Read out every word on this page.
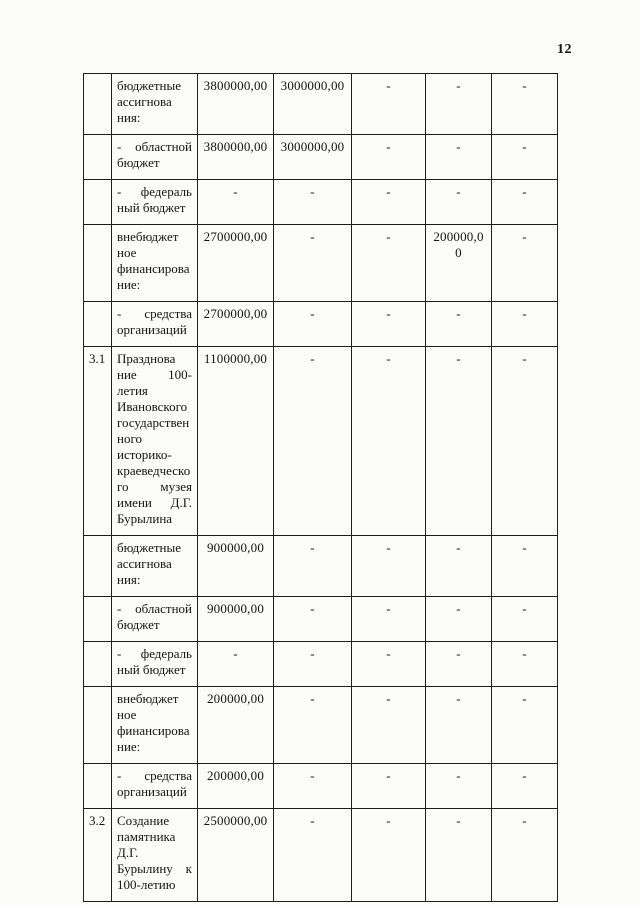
12
	бюджетные ассигнова ния:	3800000,00	3000000,00	-	-	-
	- областной бюджет	3800000,00	3000000,00	-	-	-
	- федераль ный бюджет	-	-	-	-	-
	внебюджет ное финансирова ние:	2700000,00	-	-	200000,00	-
	- средства организаций	2700000,00	-	-	-	-
3.1	Празднова ние 100-летия Ивановского государствен ного историко-краеведческо го музея имени Д.Г. Бурылина	1100000,00	-	-	-	-
	бюджетные ассигнова ния:	900000,00	-	-	-	-
	- областной бюджет	900000,00	-	-	-	-
	- федераль ный бюджет	-	-	-	-	-
	внебюджет ное финансирова ние:	200000,00	-	-	-	-
	- средства организаций	200000,00	-	-	-	-
3.2	Создание памятника Д.Г. Бурылину к 100-летию	2500000,00	-	-	-	-
